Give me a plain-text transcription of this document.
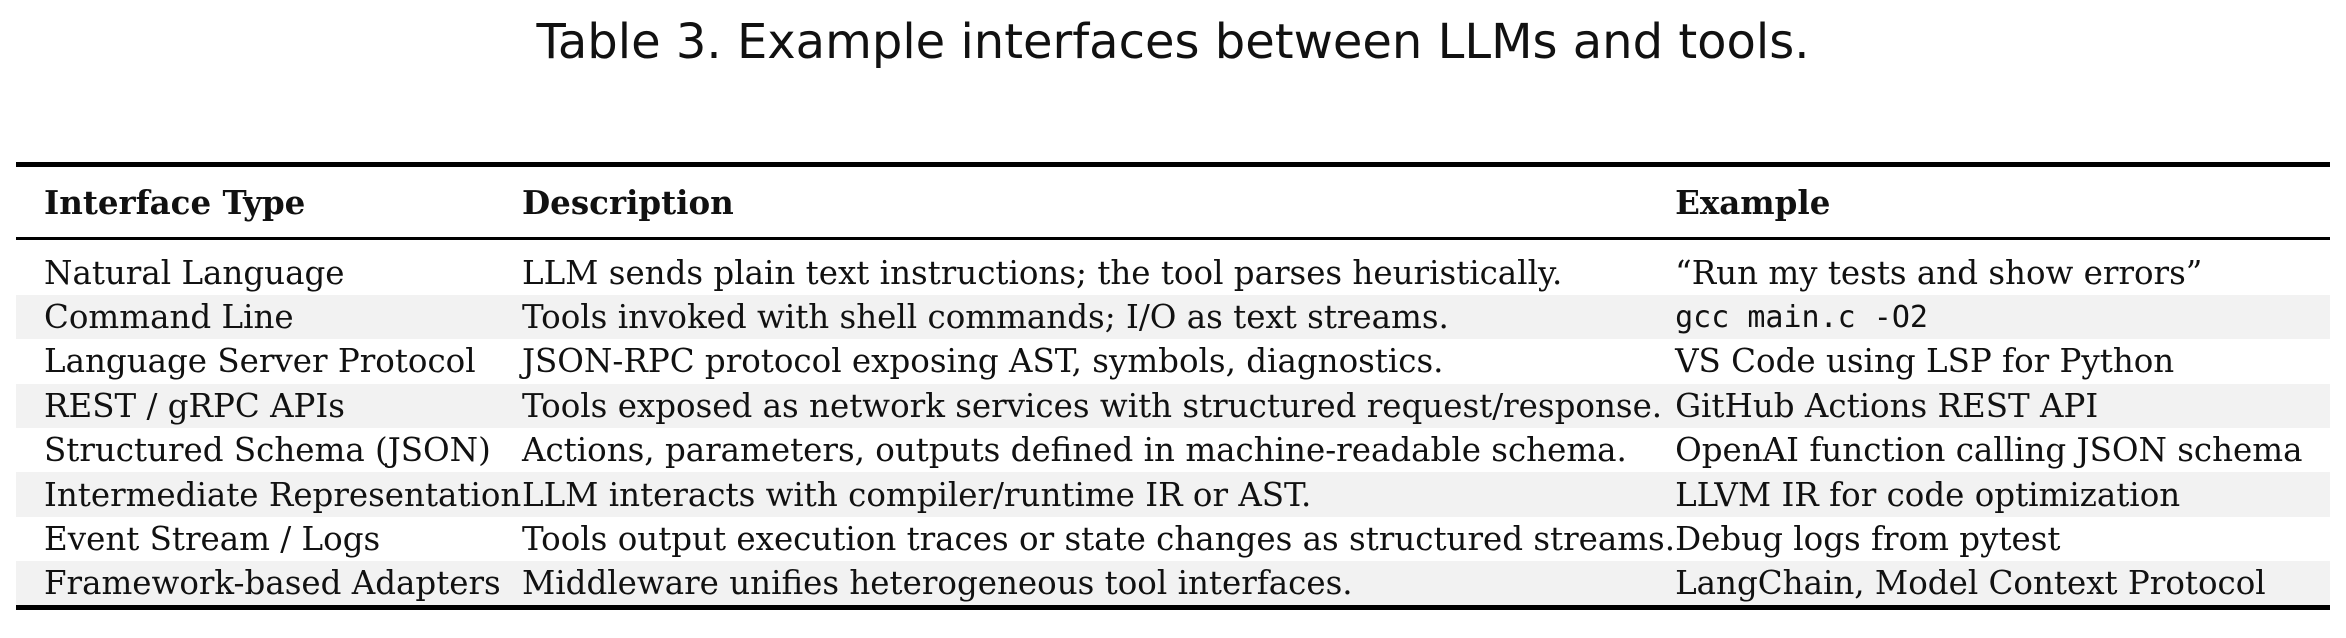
Table 3. Example interfaces between LLMs and tools.
Interface Type	Description	Example

Natural Language	LLM sends plain text instructions; the tool parses heuristically.	“Run my tests and show errors”
Command Line	Tools invoked with shell commands; I/O as text streams.	gcc main.c -O2
Language Server Protocol	JSON-RPC protocol exposing AST, symbols, diagnostics.	VS Code using LSP for Python
REST / gRPC APIs	Tools exposed as network services with structured request/response.	GitHub Actions REST API
Structured Schema (JSON)	Actions, parameters, outputs defined in machine-readable schema.	OpenAI function calling JSON schema
Intermediate Representation	LLM interacts with compiler/runtime IR or AST.	LLVM IR for code optimization
Event Stream / Logs	Tools output execution traces or state changes as structured streams.	Debug logs from pytest
Framework-based Adapters	Middleware unifies heterogeneous tool interfaces.	LangChain, Model Context Protocol
